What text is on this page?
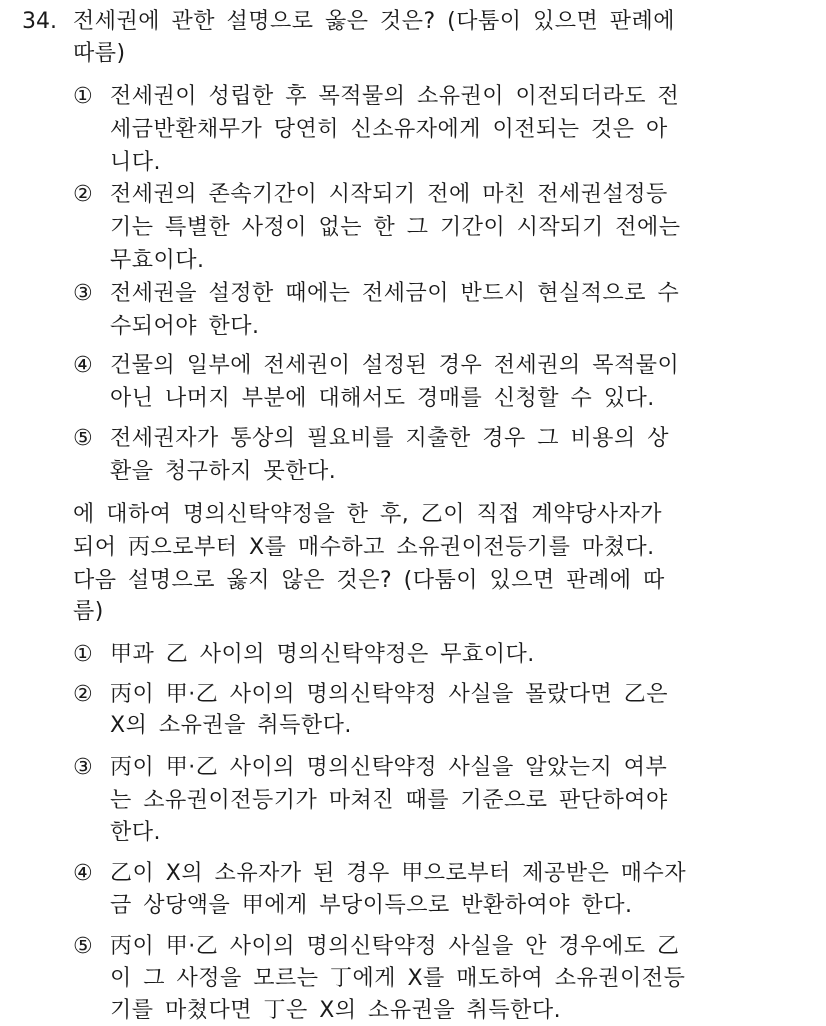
34. 전세권에 관한 설명으로 옳은 것은? (다툼이 있으면 판례에
따름)
① 전세권이 성립한 후 목적물의 소유권이 이전되더라도 전
세금반환채무가 당연히 신소유자에게 이전되는 것은 아
니다.
② 전세권의 존속기간이 시작되기 전에 마친 전세권설정등
기는 특별한 사정이 없는 한 그 기간이 시작되기 전에는
무효이다.
③ 전세권을 설정한 때에는 전세금이 반드시 현실적으로 수
수되어야 한다.
④ 건물의 일부에 전세권이 설정된 경우 전세권의 목적물이
아닌 나머지 부분에 대해서도 경매를 신청할 수 있다.
⑤ 전세권자가 통상의 필요비를 지출한 경우 그 비용의 상
환을 청구하지 못한다.
에 대하여 명의신탁약정을 한 후, 乙이 직접 계약당사자가
되어 丙으로부터 X를 매수하고 소유권이전등기를 마쳤다.
다음 설명으로 옳지 않은 것은? (다툼이 있으면 판례에 따
름)
① 甲과 乙 사이의 명의신탁약정은 무효이다.
② 丙이 甲·乙 사이의 명의신탁약정 사실을 몰랐다면 乙은
X의 소유권을 취득한다.
③ 丙이 甲·乙 사이의 명의신탁약정 사실을 알았는지 여부
는 소유권이전등기가 마쳐진 때를 기준으로 판단하여야
한다.
④ 乙이 X의 소유자가 된 경우 甲으로부터 제공받은 매수자
금 상당액을 甲에게 부당이득으로 반환하여야 한다.
⑤ 丙이 甲·乙 사이의 명의신탁약정 사실을 안 경우에도 乙
이 그 사정을 모르는 丁에게 X를 매도하여 소유권이전등
기를 마쳤다면 丁은 X의 소유권을 취득한다.
